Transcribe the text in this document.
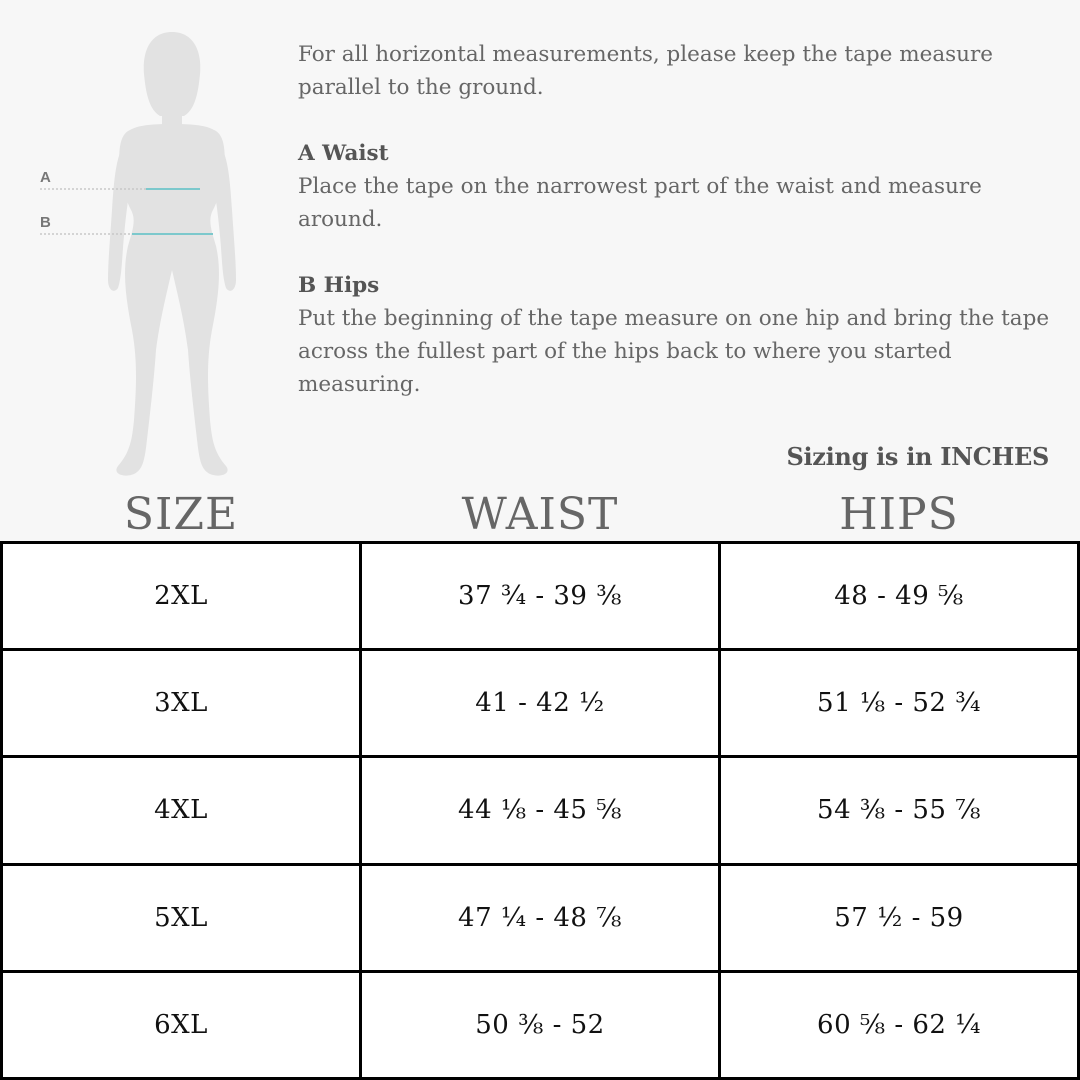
A
B

For all horizontal measurements, please keep the tape measure parallel to the ground.

A Waist

Place the tape on the narrowest part of the waist and measure around.

B Hips

Put the beginning of the tape measure on one hip and bring the tape across the fullest part of the hips back to where you started measuring.

Sizing is in INCHES
SIZE	WAIST	HIPS
2XL	37 ¾ - 39 ⅜	48 - 49 ⅝
3XL	41 - 42 ½	51 ⅛ - 52 ¾
4XL	44 ⅛ - 45 ⅝	54 ⅜ - 55 ⅞
5XL	47 ¼ - 48 ⅞	57 ½ - 59
6XL	50 ⅜ - 52	60 ⅝ - 62 ¼
